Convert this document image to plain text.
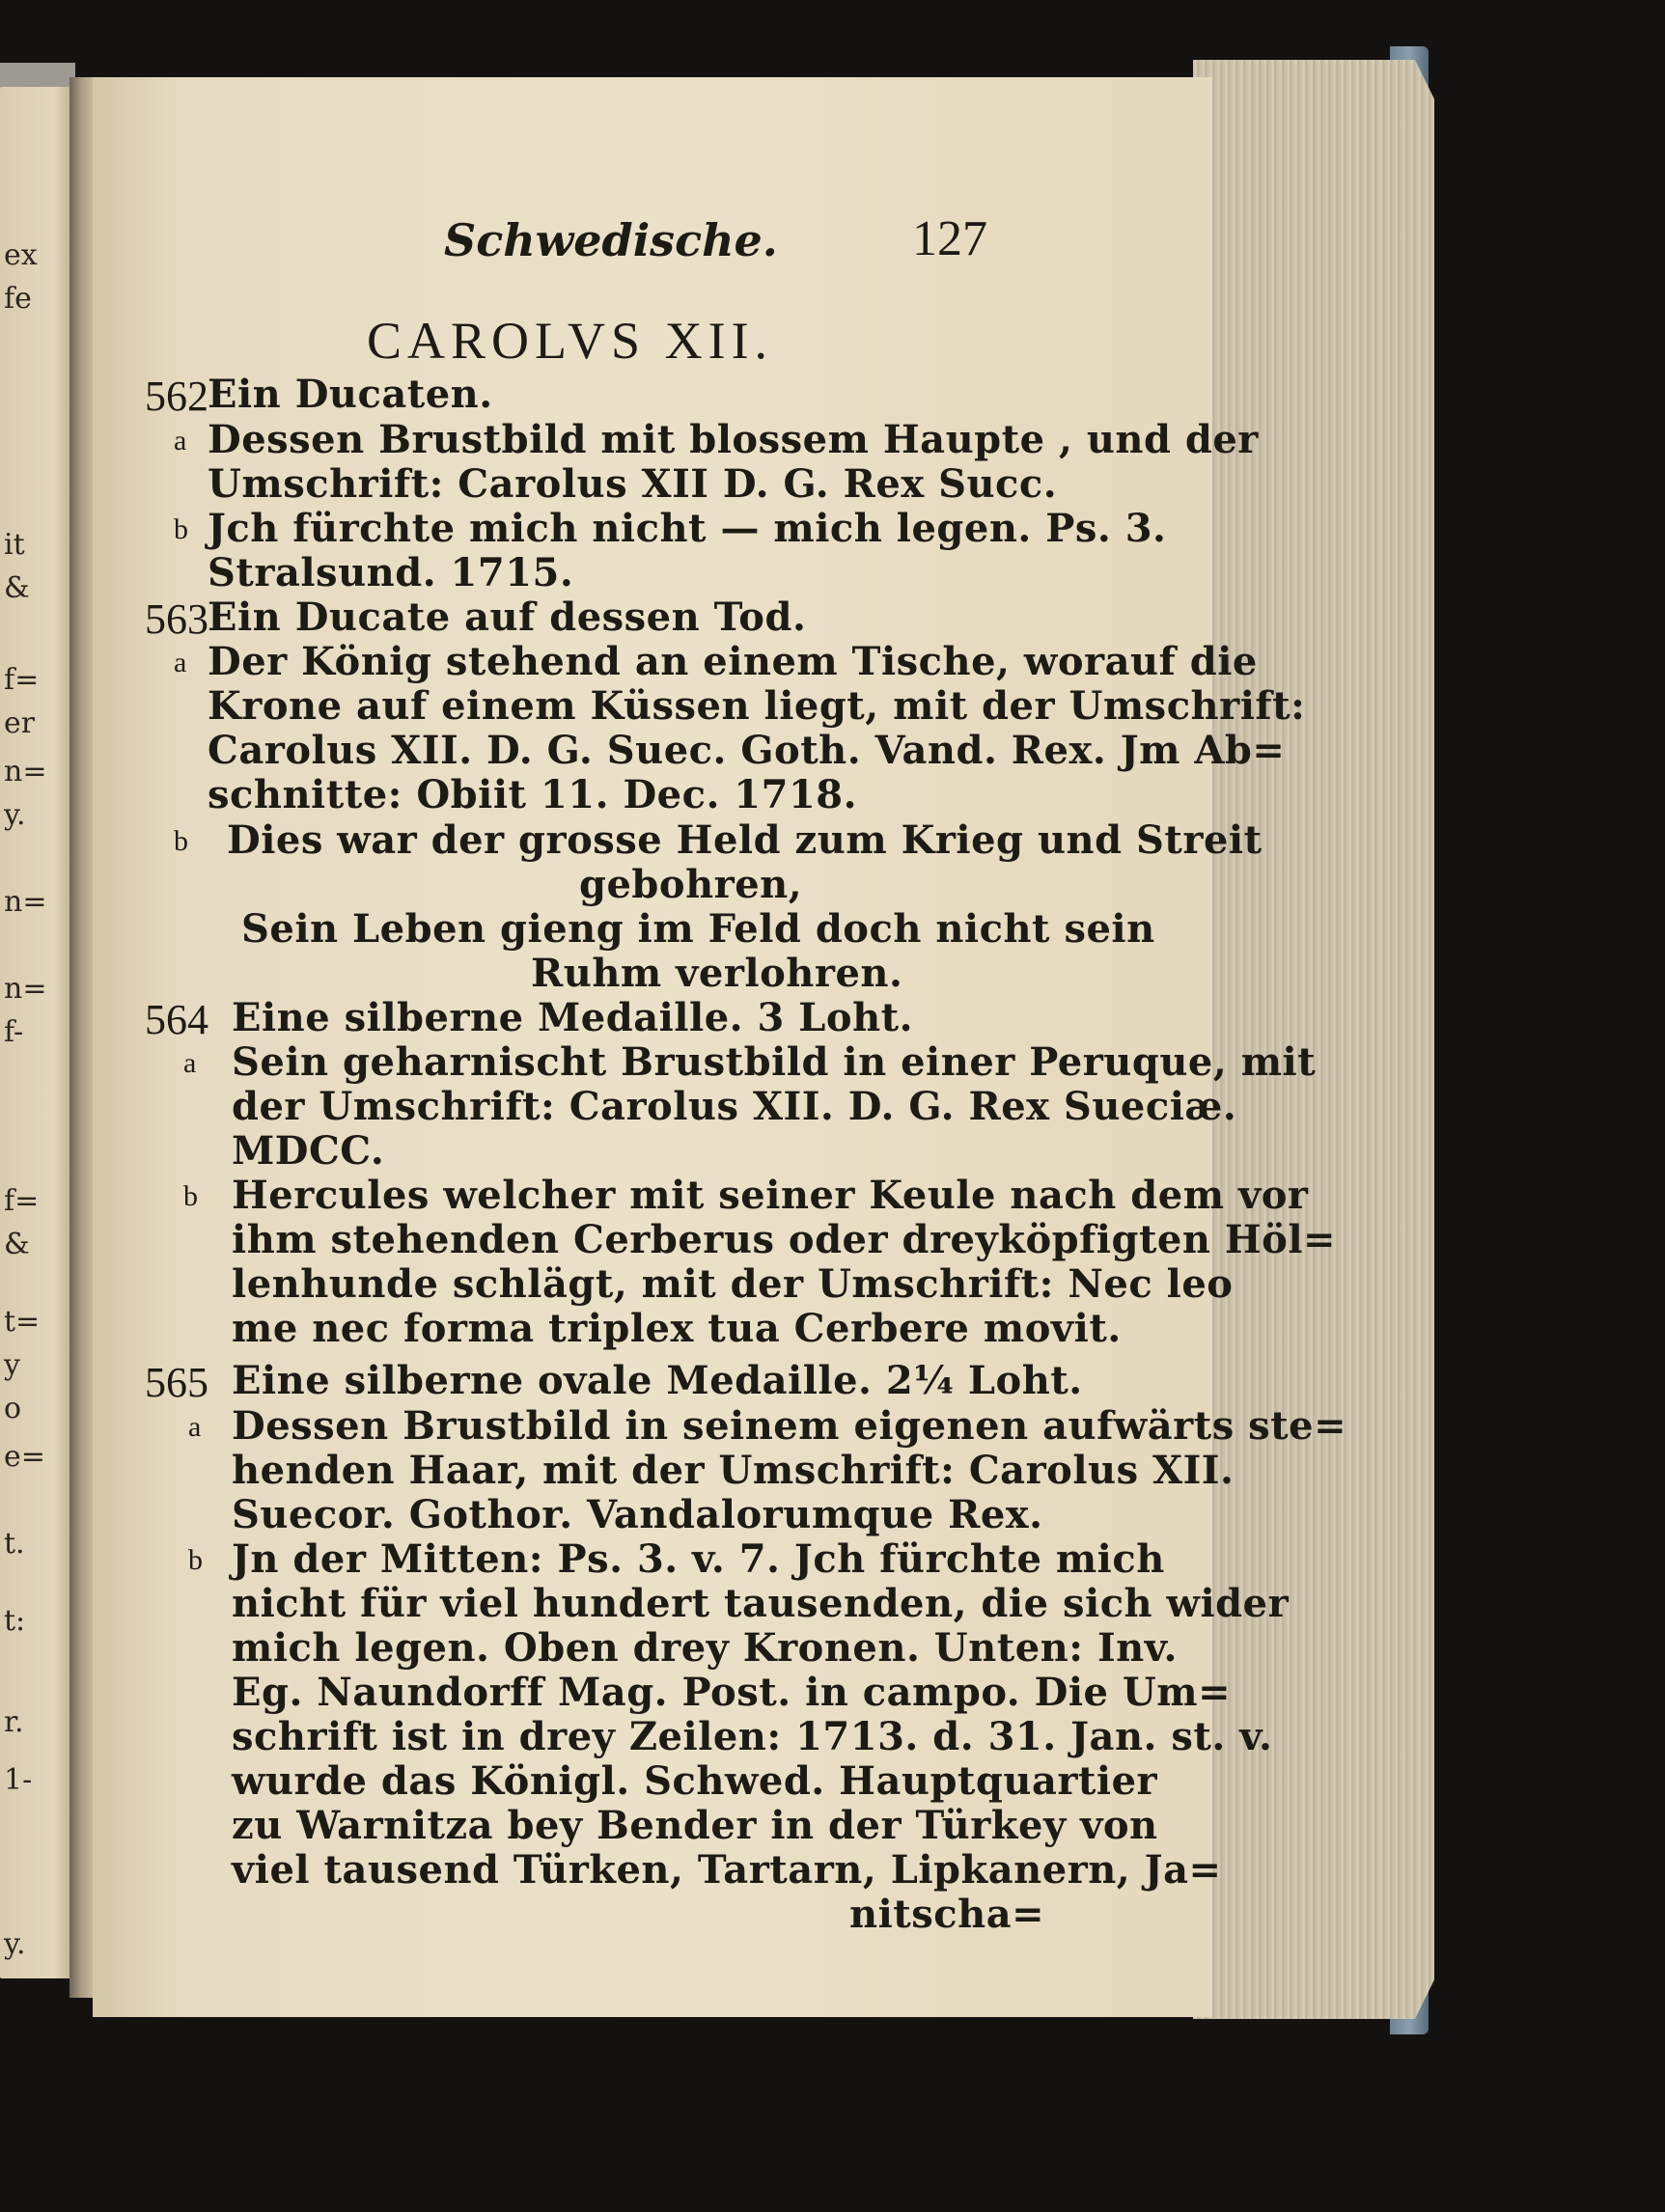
ex
fe
it
&
f=
er
n=
y.
n=
n=
f-
f=
&
t=
y
o
e=
t.
t:
r.
1-
y.
Schwedische.	127
CAROLVS XII.
562 Ein Ducaten.
a Dessen Brustbild mit blossem Haupte , und der
Umschrift: Carolus XII D. G. Rex Succ.
b Jch fürchte mich nicht — mich legen. Ps. 3.
Stralsund. 1715.
563 Ein Ducate auf dessen Tod.
a Der König stehend an einem Tische, worauf die
Krone auf einem Küssen liegt, mit der Umschrift:
Carolus XII. D. G. Suec. Goth. Vand. Rex. Jm Ab=
schnitte: Obiit 11. Dec. 1718.
b Dies war der grosse Held zum Krieg und Streit
gebohren,
Sein Leben gieng im Feld doch nicht sein
Ruhm verlohren.
564 Eine silberne Medaille. 3 Loht.
a Sein geharnischt Brustbild in einer Peruque, mit
der Umschrift: Carolus XII. D. G. Rex Sueciæ.
MDCC.
b Hercules welcher mit seiner Keule nach dem vor
ihm stehenden Cerberus oder dreyköpfigten Höl=
lenhunde schlägt, mit der Umschrift: Nec leo
me nec forma triplex tua Cerbere movit.
565 Eine silberne ovale Medaille. 2¼ Loht.
a Dessen Brustbild in seinem eigenen aufwärts ste=
henden Haar, mit der Umschrift: Carolus XII.
Suecor. Gothor. Vandalorumque Rex.
b Jn der Mitten: Ps. 3. v. 7. Jch fürchte mich
nicht für viel hundert tausenden, die sich wider
mich legen. Oben drey Kronen. Unten: Inv.
Eg. Naundorff Mag. Post. in campo. Die Um=
schrift ist in drey Zeilen: 1713. d. 31. Jan. st. v.
wurde das Königl. Schwed. Hauptquartier
zu Warnitza bey Bender in der Türkey von
viel tausend Türken, Tartarn, Lipkanern, Ja=
nitscha=
